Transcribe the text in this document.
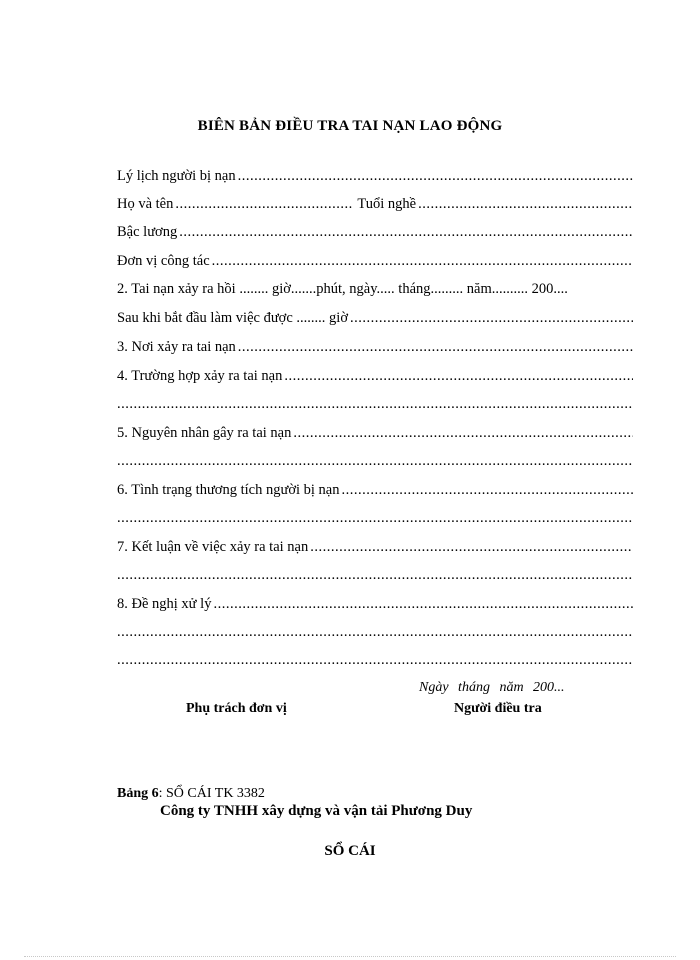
BIÊN BẢN ĐIỀU TRA TAI NẠN LAO ĐỘNG
Lý lịch người bị nạn
.....
Họ và tên
.....	Tuổi nghề
.....
Bậc lương
.....
Đơn vị công tác
.....
2. Tai nạn xảy ra hồi ........ giờ.......phút, ngày..... tháng......... năm.......... 200....
Sau khi bắt đầu làm việc được ........ giờ
.....
3. Nơi xảy ra tai nạn
.....
4. Trường hợp xảy ra tai nạn
.....
.....
5. Nguyên nhân gây ra tai nạn
.....
.....
6. Tình trạng thương tích người bị nạn
.....
.....
7. Kết luận về việc xảy ra tai nạn
.....
.....
8. Đề nghị xử lý
.....
.....
.....
Ngày tháng năm 200...
Phụ trách đơn vị	Người điều tra
Bảng 6: SỔ CÁI TK 3382
Công ty TNHH xây dựng và vận tải Phương Duy
SỔ CÁI
